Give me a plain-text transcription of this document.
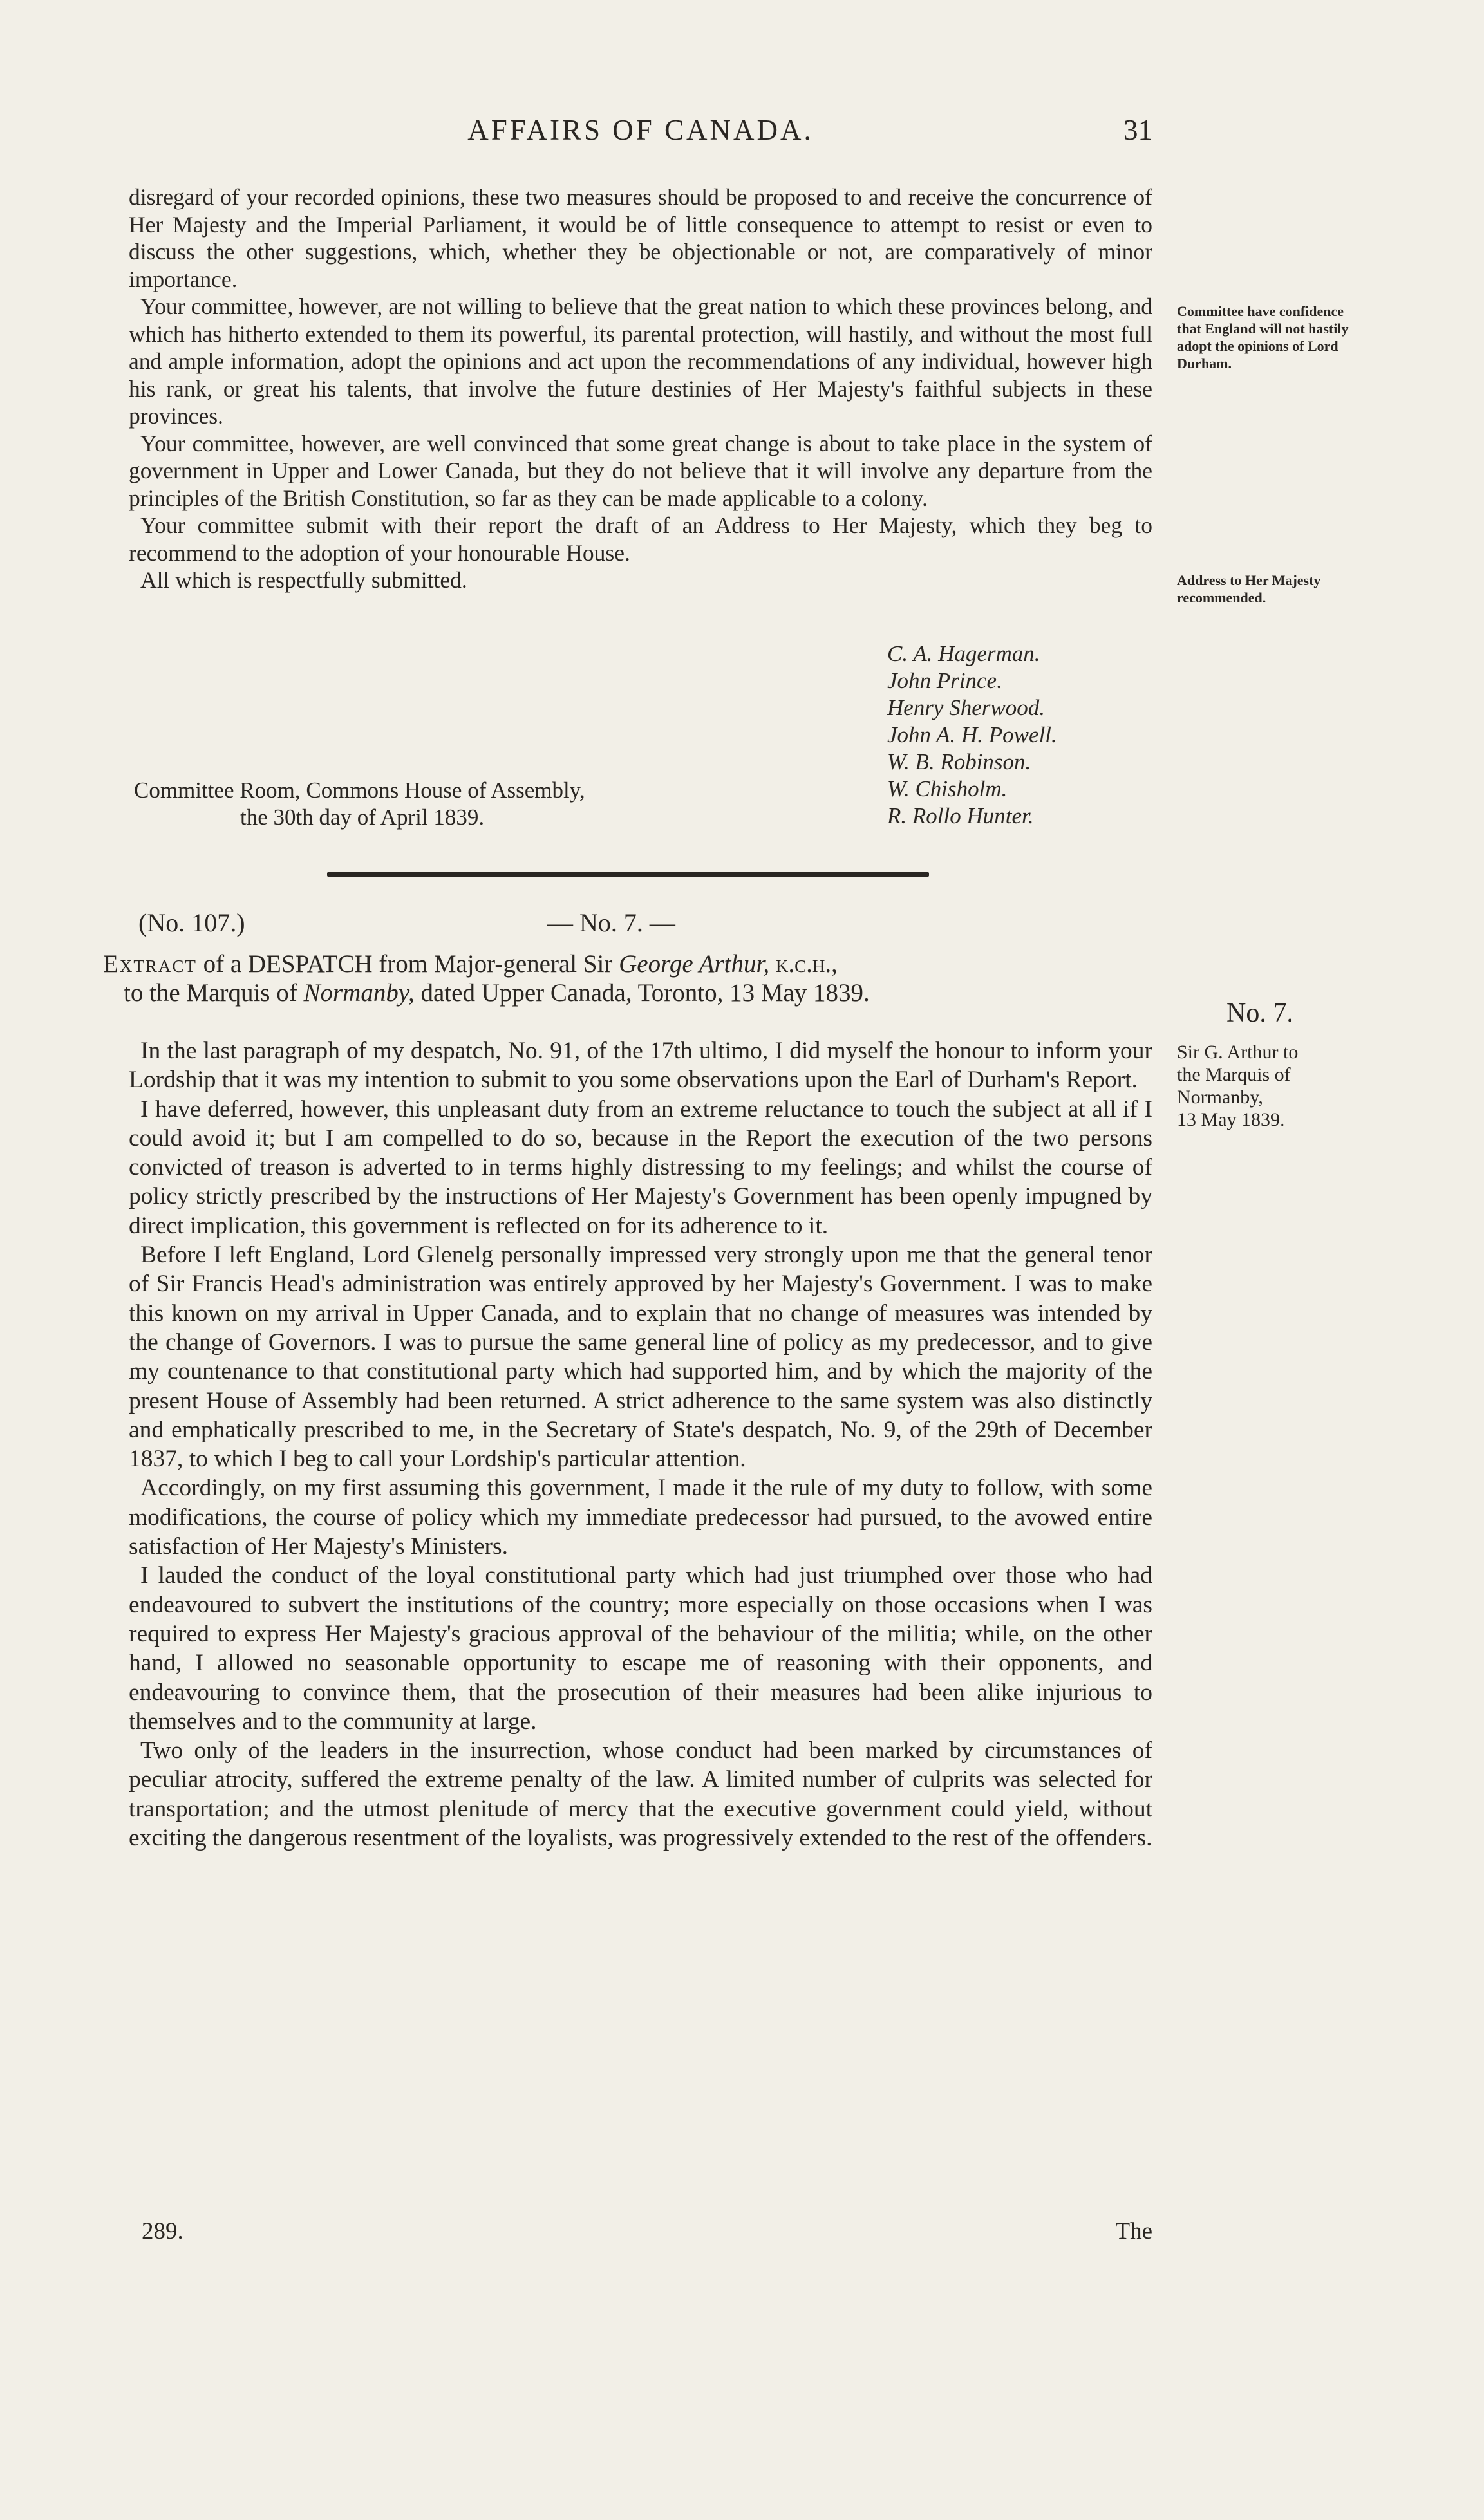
AFFAIRS OF CANADA.	31

disregard of your recorded opinions, these two measures should be proposed to and receive the concurrence of Her Majesty and the Imperial Parliament, it would be of little consequence to attempt to resist or even to discuss the other suggestions, which, whether they be objectionable or not, are comparatively of minor importance.

Your committee, however, are not willing to believe that the great nation to which these provinces belong, and which has hitherto extended to them its powerful, its parental protection, will hastily, and without the most full and ample information, adopt the opinions and act upon the recommendations of any individual, however high his rank, or great his talents, that involve the future destinies of Her Majesty's faithful subjects in these provinces.

Your committee, however, are well convinced that some great change is about to take place in the system of government in Upper and Lower Canada, but they do not believe that it will involve any departure from the principles of the British Constitution, so far as they can be made applicable to a colony.

Your committee submit with their report the draft of an Address to Her Majesty, which they beg to recommend to the adoption of your honourable House.

All which is respectfully submitted.

Committee have confidence that England will not hastily adopt the opinions of Lord Durham.
Address to Her Majesty recommended.
C. A. Hagerman.
John Prince.
Henry Sherwood.
John A. H. Powell.
W. B. Robinson.
W. Chisholm.
R. Rollo Hunter.
Committee Room, Commons House of Assembly,
the 30th day of April 1839.
(No. 107.)	— No. 7. —
Extract of a DESPATCH from Major-general Sir George Arthur, k.c.h.,
to the Marquis of Normanby, dated Upper Canada, Toronto, 13 May 1839.
No. 7.
Sir G. Arthur to
the Marquis of
Normanby,
13 May 1839.

In the last paragraph of my despatch, No. 91, of the 17th ultimo, I did myself the honour to inform your Lordship that it was my intention to submit to you some observations upon the Earl of Durham's Report.

I have deferred, however, this unpleasant duty from an extreme reluctance to touch the subject at all if I could avoid it; but I am compelled to do so, because in the Report the execution of the two persons convicted of treason is adverted to in terms highly distressing to my feelings; and whilst the course of policy strictly prescribed by the instructions of Her Majesty's Government has been openly impugned by direct implication, this government is reflected on for its adherence to it.

Before I left England, Lord Glenelg personally impressed very strongly upon me that the general tenor of Sir Francis Head's administration was entirely approved by her Majesty's Government. I was to make this known on my arrival in Upper Canada, and to explain that no change of measures was intended by the change of Governors. I was to pursue the same general line of policy as my predecessor, and to give my countenance to that constitutional party which had supported him, and by which the majority of the present House of Assembly had been returned. A strict adherence to the same system was also distinctly and emphatically prescribed to me, in the Secretary of State's despatch, No. 9, of the 29th of December 1837, to which I beg to call your Lordship's particular attention.

Accordingly, on my first assuming this government, I made it the rule of my duty to follow, with some modifications, the course of policy which my immediate predecessor had pursued, to the avowed entire satisfaction of Her Majesty's Ministers.

I lauded the conduct of the loyal constitutional party which had just triumphed over those who had endeavoured to subvert the institutions of the country; more especially on those occasions when I was required to express Her Majesty's gracious approval of the behaviour of the militia; while, on the other hand, I allowed no seasonable opportunity to escape me of reasoning with their opponents, and endeavouring to convince them, that the prosecution of their measures had been alike injurious to themselves and to the community at large.

Two only of the leaders in the insurrection, whose conduct had been marked by circumstances of peculiar atrocity, suffered the extreme penalty of the law. A limited number of culprits was selected for transportation; and the utmost plenitude of mercy that the executive government could yield, without exciting the dangerous resentment of the loyalists, was progressively extended to the rest of the offenders.

289.	The
